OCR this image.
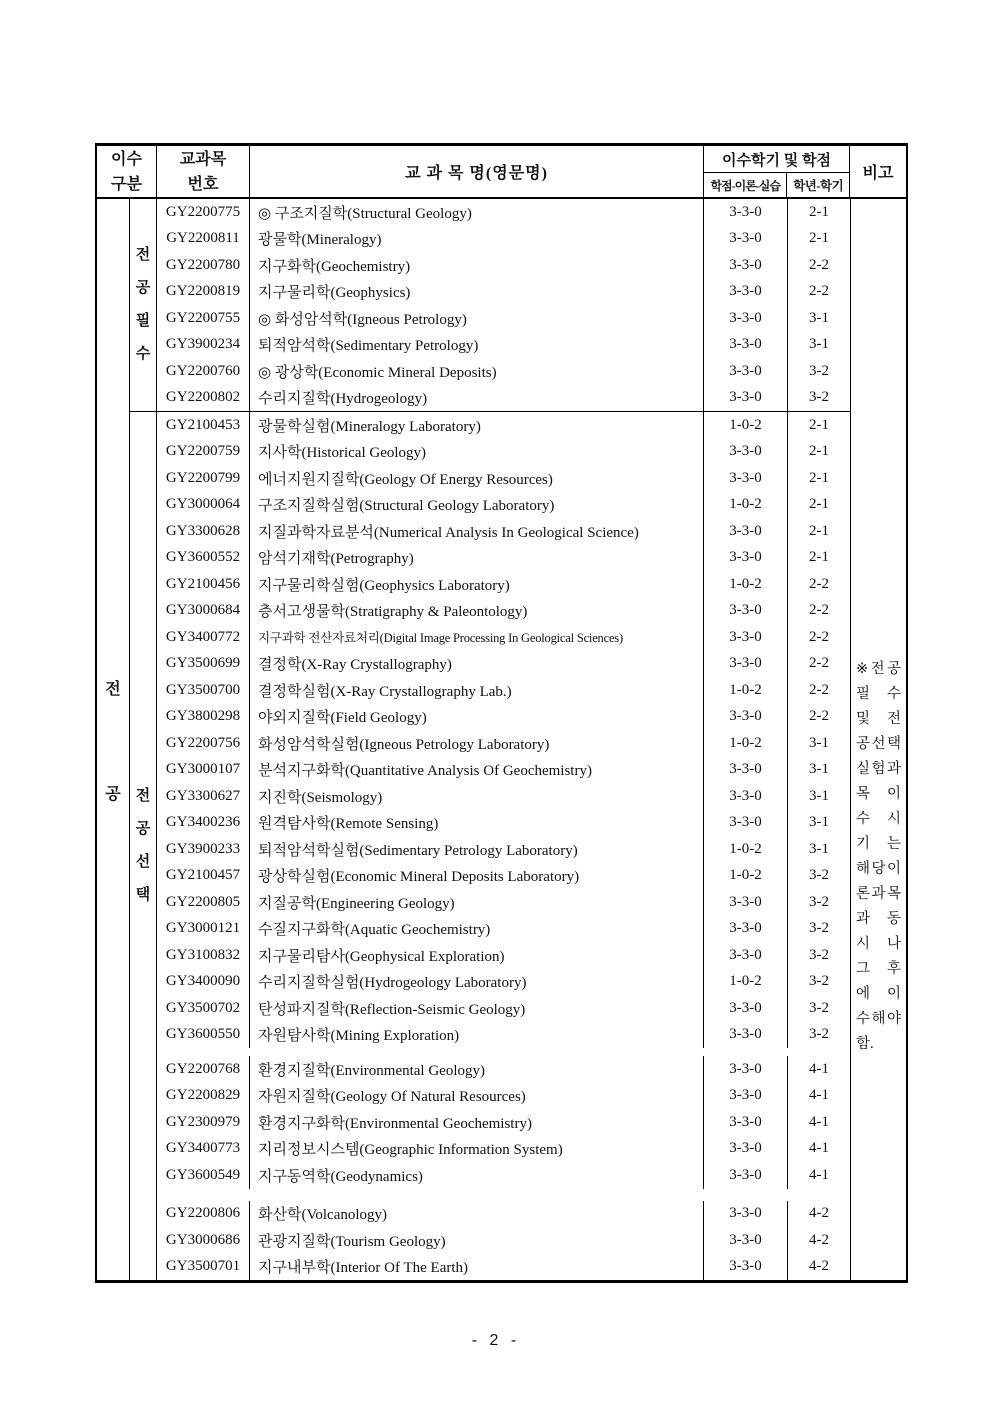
이수
구분
교과목
번호
교 과 목 명(영문명)
이수학기 및 학점
학점-이론-실습	학년-학기
비고
전
공
전
공
필
수
GY2200775	◎ 구조지질학(Structural Geology)	3-3-0	2-1
GY2200811	광물학(Mineralogy)	3-3-0	2-1
GY2200780	지구화학(Geochemistry)	3-3-0	2-2
GY2200819	지구물리학(Geophysics)	3-3-0	2-2
GY2200755	◎ 화성암석학(Igneous Petrology)	3-3-0	3-1
GY3900234	퇴적암석학(Sedimentary Petrology)	3-3-0	3-1
GY2200760	◎ 광상학(Economic Mineral Deposits)	3-3-0	3-2
GY2200802	수리지질학(Hydrogeology)	3-3-0	3-2
전
공
선
택
GY2100453	광물학실험(Mineralogy Laboratory)	1-0-2	2-1
GY2200759	지사학(Historical Geology)	3-3-0	2-1
GY2200799	에너지원지질학(Geology Of Energy Resources)	3-3-0	2-1
GY3000064	구조지질학실험(Structural Geology Laboratory)	1-0-2	2-1
GY3300628	지질과학자료분석(Numerical Analysis In Geological Science)	3-3-0	2-1
GY3600552	암석기재학(Petrography)	3-3-0	2-1
GY2100456	지구물리학실험(Geophysics Laboratory)	1-0-2	2-2
GY3000684	층서고생물학(Stratigraphy & Paleontology)	3-3-0	2-2
GY3400772	지구과학 전산자료처리(Digital Image Processing In Geological Sciences)	3-3-0	2-2
GY3500699	결정학(X-Ray Crystallography)	3-3-0	2-2
GY3500700	결정학실험(X-Ray Crystallography Lab.)	1-0-2	2-2
GY3800298	야외지질학(Field Geology)	3-3-0	2-2
GY2200756	화성암석학실험(Igneous Petrology Laboratory)	1-0-2	3-1
GY3000107	분석지구화학(Quantitative Analysis Of Geochemistry)	3-3-0	3-1
GY3300627	지진학(Seismology)	3-3-0	3-1
GY3400236	원격탐사학(Remote Sensing)	3-3-0	3-1
GY3900233	퇴적암석학실험(Sedimentary Petrology Laboratory)	1-0-2	3-1
GY2100457	광상학실험(Economic Mineral Deposits Laboratory)	1-0-2	3-2
GY2200805	지질공학(Engineering Geology)	3-3-0	3-2
GY3000121	수질지구화학(Aquatic Geochemistry)	3-3-0	3-2
GY3100832	지구물리탐사(Geophysical Exploration)	3-3-0	3-2
GY3400090	수리지질학실험(Hydrogeology Laboratory)	1-0-2	3-2
GY3500702	탄성파지질학(Reflection-Seismic Geology)	3-3-0	3-2
GY3600550	자원탐사학(Mining Exploration)	3-3-0	3-2
GY2200768	환경지질학(Environmental Geology)	3-3-0	4-1
GY2200829	자원지질학(Geology Of Natural Resources)	3-3-0	4-1
GY2300979	환경지구화학(Environmental Geochemistry)	3-3-0	4-1
GY3400773	지리정보시스템(Geographic Information System)	3-3-0	4-1
GY3600549	지구동역학(Geodynamics)	3-3-0	4-1
GY2200806	화산학(Volcanology)	3-3-0	4-2
GY3000686	관광지질학(Tourism Geology)	3-3-0	4-2
GY3500701	지구내부학(Interior Of The Earth)	3-3-0	4-2
※ 전 공
필 수
및 전
공 선 택
실 험 과
목 이
수 시
기 는
해 당 이
론 과 목
과 동
시 나
그 후
에 이
수 해 야
함 .
- 2 -
